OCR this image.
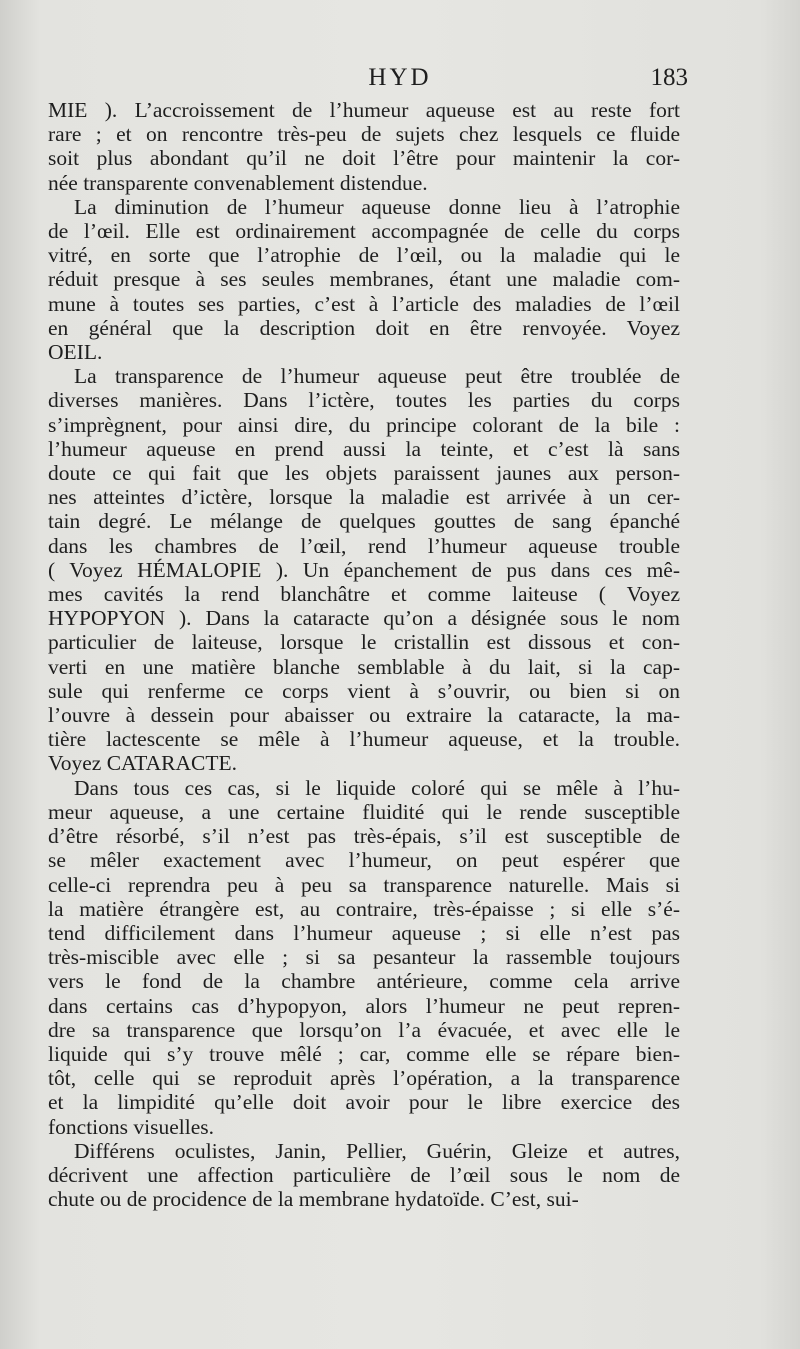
HYD	183
MIE ). L’accroissement de l’humeur aqueuse est au reste fort
rare ; et on rencontre très-peu de sujets chez lesquels ce fluide
soit plus abondant qu’il ne doit l’être pour maintenir la cor-
née transparente convenablement distendue.
La diminution de l’humeur aqueuse donne lieu à l’atrophie
de l’œil. Elle est ordinairement accompagnée de celle du corps
vitré, en sorte que l’atrophie de l’œil, ou la maladie qui le
réduit presque à ses seules membranes, étant une maladie com-
mune à toutes ses parties, c’est à l’article des maladies de l’œil
en général que la description doit en être renvoyée. Voyez
OEIL.
La transparence de l’humeur aqueuse peut être troublée de
diverses manières. Dans l’ictère, toutes les parties du corps
s’imprègnent, pour ainsi dire, du principe colorant de la bile :
l’humeur aqueuse en prend aussi la teinte, et c’est là sans
doute ce qui fait que les objets paraissent jaunes aux person-
nes atteintes d’ictère, lorsque la maladie est arrivée à un cer-
tain degré. Le mélange de quelques gouttes de sang épanché
dans les chambres de l’œil, rend l’humeur aqueuse trouble
( Voyez HÉMALOPIE ). Un épanchement de pus dans ces mê-
mes cavités la rend blanchâtre et comme laiteuse ( Voyez
HYPOPYON ). Dans la cataracte qu’on a désignée sous le nom
particulier de laiteuse, lorsque le cristallin est dissous et con-
verti en une matière blanche semblable à du lait, si la cap-
sule qui renferme ce corps vient à s’ouvrir, ou bien si on
l’ouvre à dessein pour abaisser ou extraire la cataracte, la ma-
tière lactescente se mêle à l’humeur aqueuse, et la trouble.
Voyez CATARACTE.
Dans tous ces cas, si le liquide coloré qui se mêle à l’hu-
meur aqueuse, a une certaine fluidité qui le rende susceptible
d’être résorbé, s’il n’est pas très-épais, s’il est susceptible de
se mêler exactement avec l’humeur, on peut espérer que
celle-ci reprendra peu à peu sa transparence naturelle. Mais si
la matière étrangère est, au contraire, très-épaisse ; si elle s’é-
tend difficilement dans l’humeur aqueuse ; si elle n’est pas
très-miscible avec elle ; si sa pesanteur la rassemble toujours
vers le fond de la chambre antérieure, comme cela arrive
dans certains cas d’hypopyon, alors l’humeur ne peut repren-
dre sa transparence que lorsqu’on l’a évacuée, et avec elle le
liquide qui s’y trouve mêlé ; car, comme elle se répare bien-
tôt, celle qui se reproduit après l’opération, a la transparence
et la limpidité qu’elle doit avoir pour le libre exercice des
fonctions visuelles.
Différens oculistes, Janin, Pellier, Guérin, Gleize et autres,
décrivent une affection particulière de l’œil sous le nom de
chute ou de procidence de la membrane hydatoïde. C’est, sui-
